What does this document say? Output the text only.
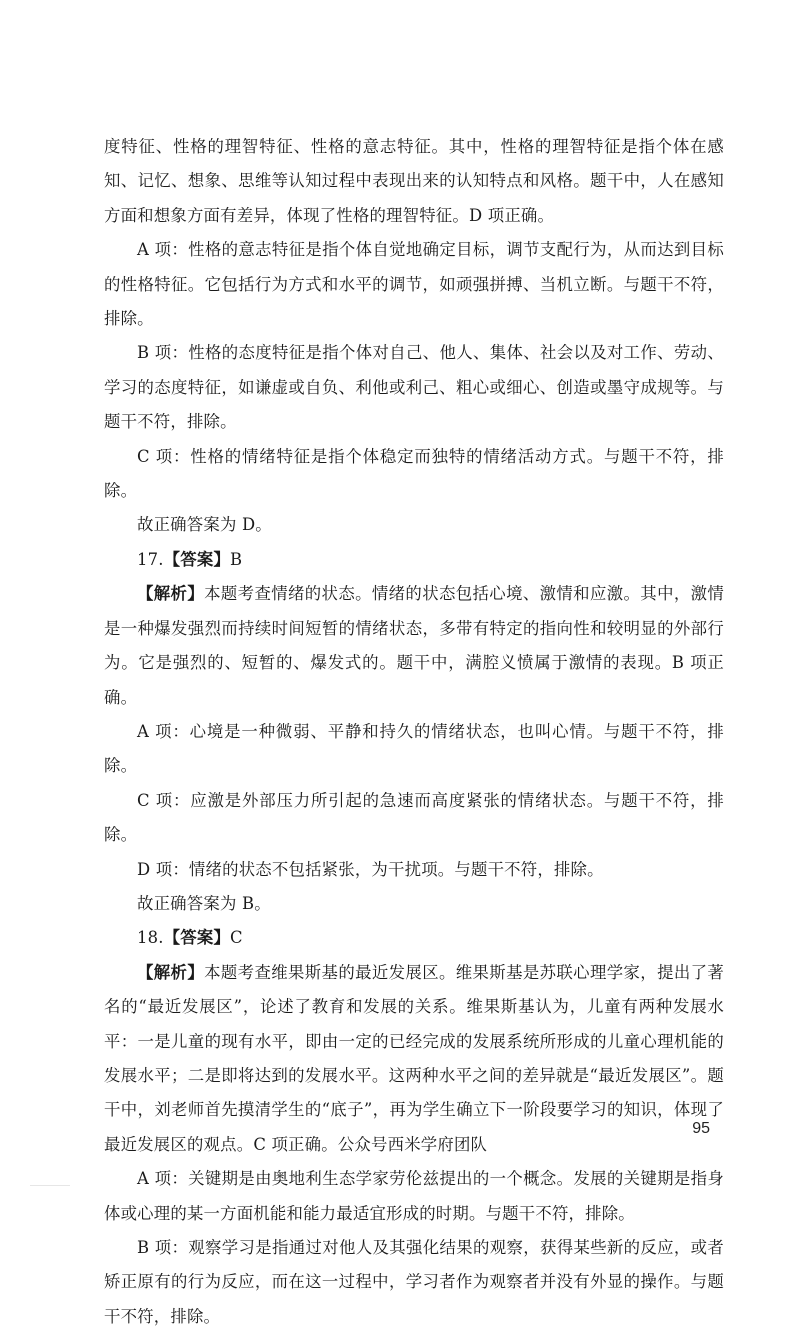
度特征、性格的理智特征、性格的意志特征。其中，性格的理智特征是指个体在感知、记忆、想象、思维等认知过程中表现出来的认知特点和风格。题干中，人在感知方面和想象方面有差异，体现了性格的理智特征。D 项正确。

A 项：性格的意志特征是指个体自觉地确定目标，调节支配行为，从而达到目标的性格特征。它包括行为方式和水平的调节，如顽强拼搏、当机立断。与题干不符，排除。

B 项：性格的态度特征是指个体对自己、他人、集体、社会以及对工作、劳动、学习的态度特征，如谦虚或自负、利他或利己、粗心或细心、创造或墨守成规等。与题干不符，排除。

C 项：性格的情绪特征是指个体稳定而独特的情绪活动方式。与题干不符，排除。

故正确答案为 D。

17.【答案】B

【解析】本题考查情绪的状态。情绪的状态包括心境、激情和应激。其中，激情是一种爆发强烈而持续时间短暂的情绪状态，多带有特定的指向性和较明显的外部行为。它是强烈的、短暂的、爆发式的。题干中，满腔义愤属于激情的表现。B 项正确。

A 项：心境是一种微弱、平静和持久的情绪状态，也叫心情。与题干不符，排除。

C 项：应激是外部压力所引起的急速而高度紧张的情绪状态。与题干不符，排除。

D 项：情绪的状态不包括紧张，为干扰项。与题干不符，排除。

故正确答案为 B。

18.【答案】C

【解析】本题考查维果斯基的最近发展区。维果斯基是苏联心理学家，提出了著名的“最近发展区”，论述了教育和发展的关系。维果斯基认为，儿童有两种发展水平：一是儿童的现有水平，即由一定的已经完成的发展系统所形成的儿童心理机能的发展水平；二是即将达到的发展水平。这两种水平之间的差异就是“最近发展区”。题干中，刘老师首先摸清学生的“底子”，再为学生确立下一阶段要学习的知识，体现了最近发展区的观点。C 项正确。公众号西米学府团队

A 项：关键期是由奥地利生态学家劳伦兹提出的一个概念。发展的关键期是指身体或心理的某一方面机能和能力最适宜形成的时期。与题干不符，排除。

B 项：观察学习是指通过对他人及其强化结果的观察，获得某些新的反应，或者矫正原有的行为反应，而在这一过程中，学习者作为观察者并没有外显的操作。与题干不符，排除。

95
